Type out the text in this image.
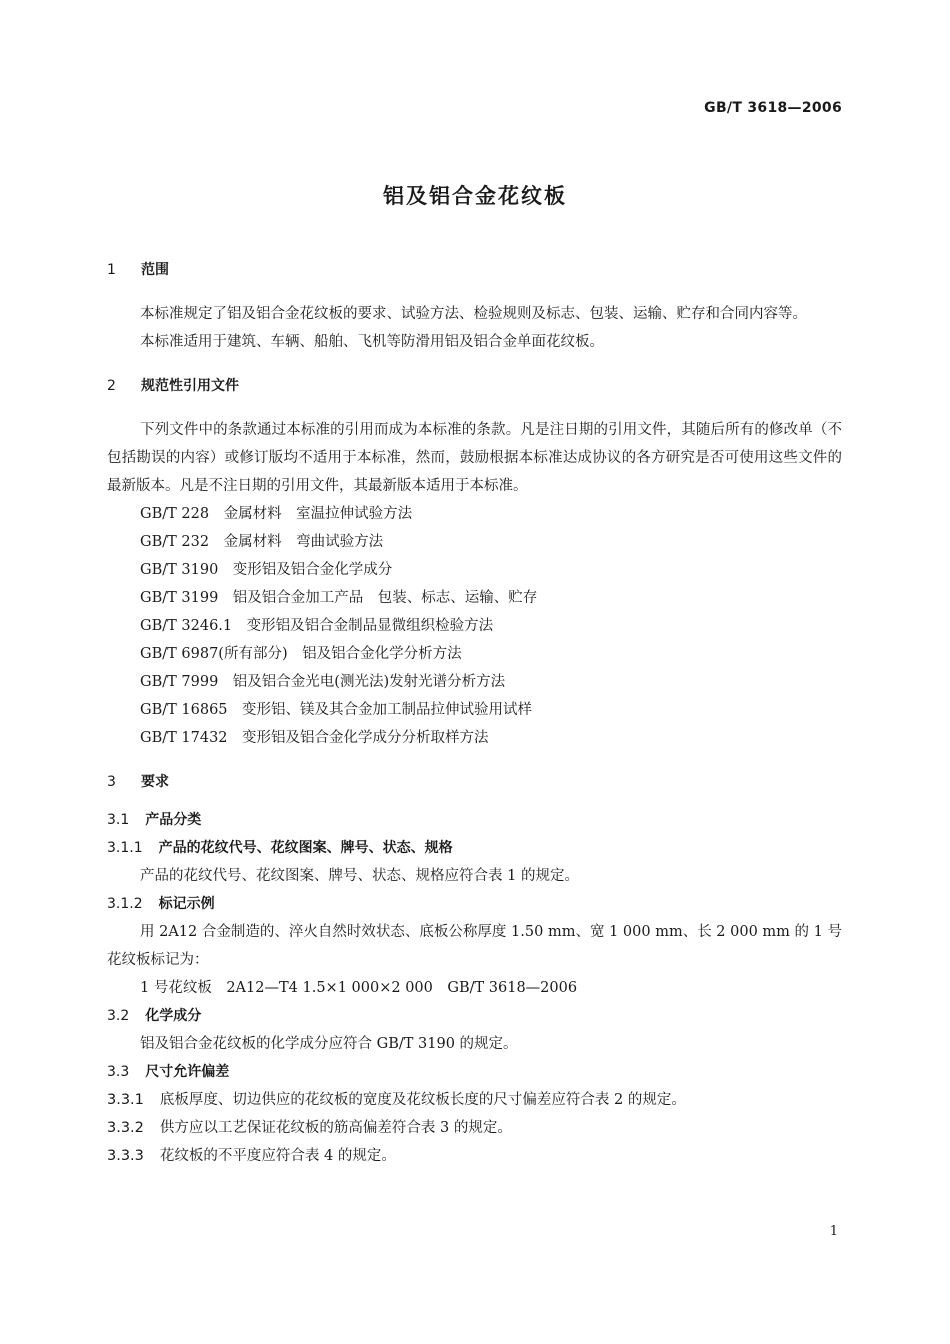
GB/T 3618—2006
铝及铝合金花纹板
1 范围

本标准规定了铝及铝合金花纹板的要求、试验方法、检验规则及标志、包装、运输、贮存和合同内容等。

本标准适用于建筑、车辆、船舶、飞机等防滑用铝及铝合金单面花纹板。

2 规范性引用文件

下列文件中的条款通过本标准的引用而成为本标准的条款。凡是注日期的引用文件，其随后所有的修改单（不包括勘误的内容）或修订版均不适用于本标准，然而，鼓励根据本标准达成协议的各方研究是否可使用这些文件的最新版本。凡是不注日期的引用文件，其最新版本适用于本标准。

GB/T 228　金属材料　室温拉伸试验方法

GB/T 232　金属材料　弯曲试验方法

GB/T 3190　变形铝及铝合金化学成分

GB/T 3199　铝及铝合金加工产品　包装、标志、运输、贮存

GB/T 3246.1　变形铝及铝合金制品显微组织检验方法

GB/T 6987(所有部分)　铝及铝合金化学分析方法

GB/T 7999　铝及铝合金光电(测光法)发射光谱分析方法

GB/T 16865　变形铝、镁及其合金加工制品拉伸试验用试样

GB/T 17432　变形铝及铝合金化学成分分析取样方法

3 要求
3.1 产品分类
3.1.1 产品的花纹代号、花纹图案、牌号、状态、规格

产品的花纹代号、花纹图案、牌号、状态、规格应符合表 1 的规定。

3.1.2 标记示例

用 2A12 合金制造的、淬火自然时效状态、底板公称厚度 1.50 mm、宽 1 000 mm、长 2 000 mm 的 1 号花纹板标记为：

1 号花纹板　2A12—T4 1.5×1 000×2 000　GB/T 3618—2006

3.2 化学成分

铝及铝合金花纹板的化学成分应符合 GB/T 3190 的规定。

3.3 尺寸允许偏差

3.3.1 底板厚度、切边供应的花纹板的宽度及花纹板长度的尺寸偏差应符合表 2 的规定。

3.3.2 供方应以工艺保证花纹板的筋高偏差符合表 3 的规定。

3.3.3 花纹板的不平度应符合表 4 的规定。

1
